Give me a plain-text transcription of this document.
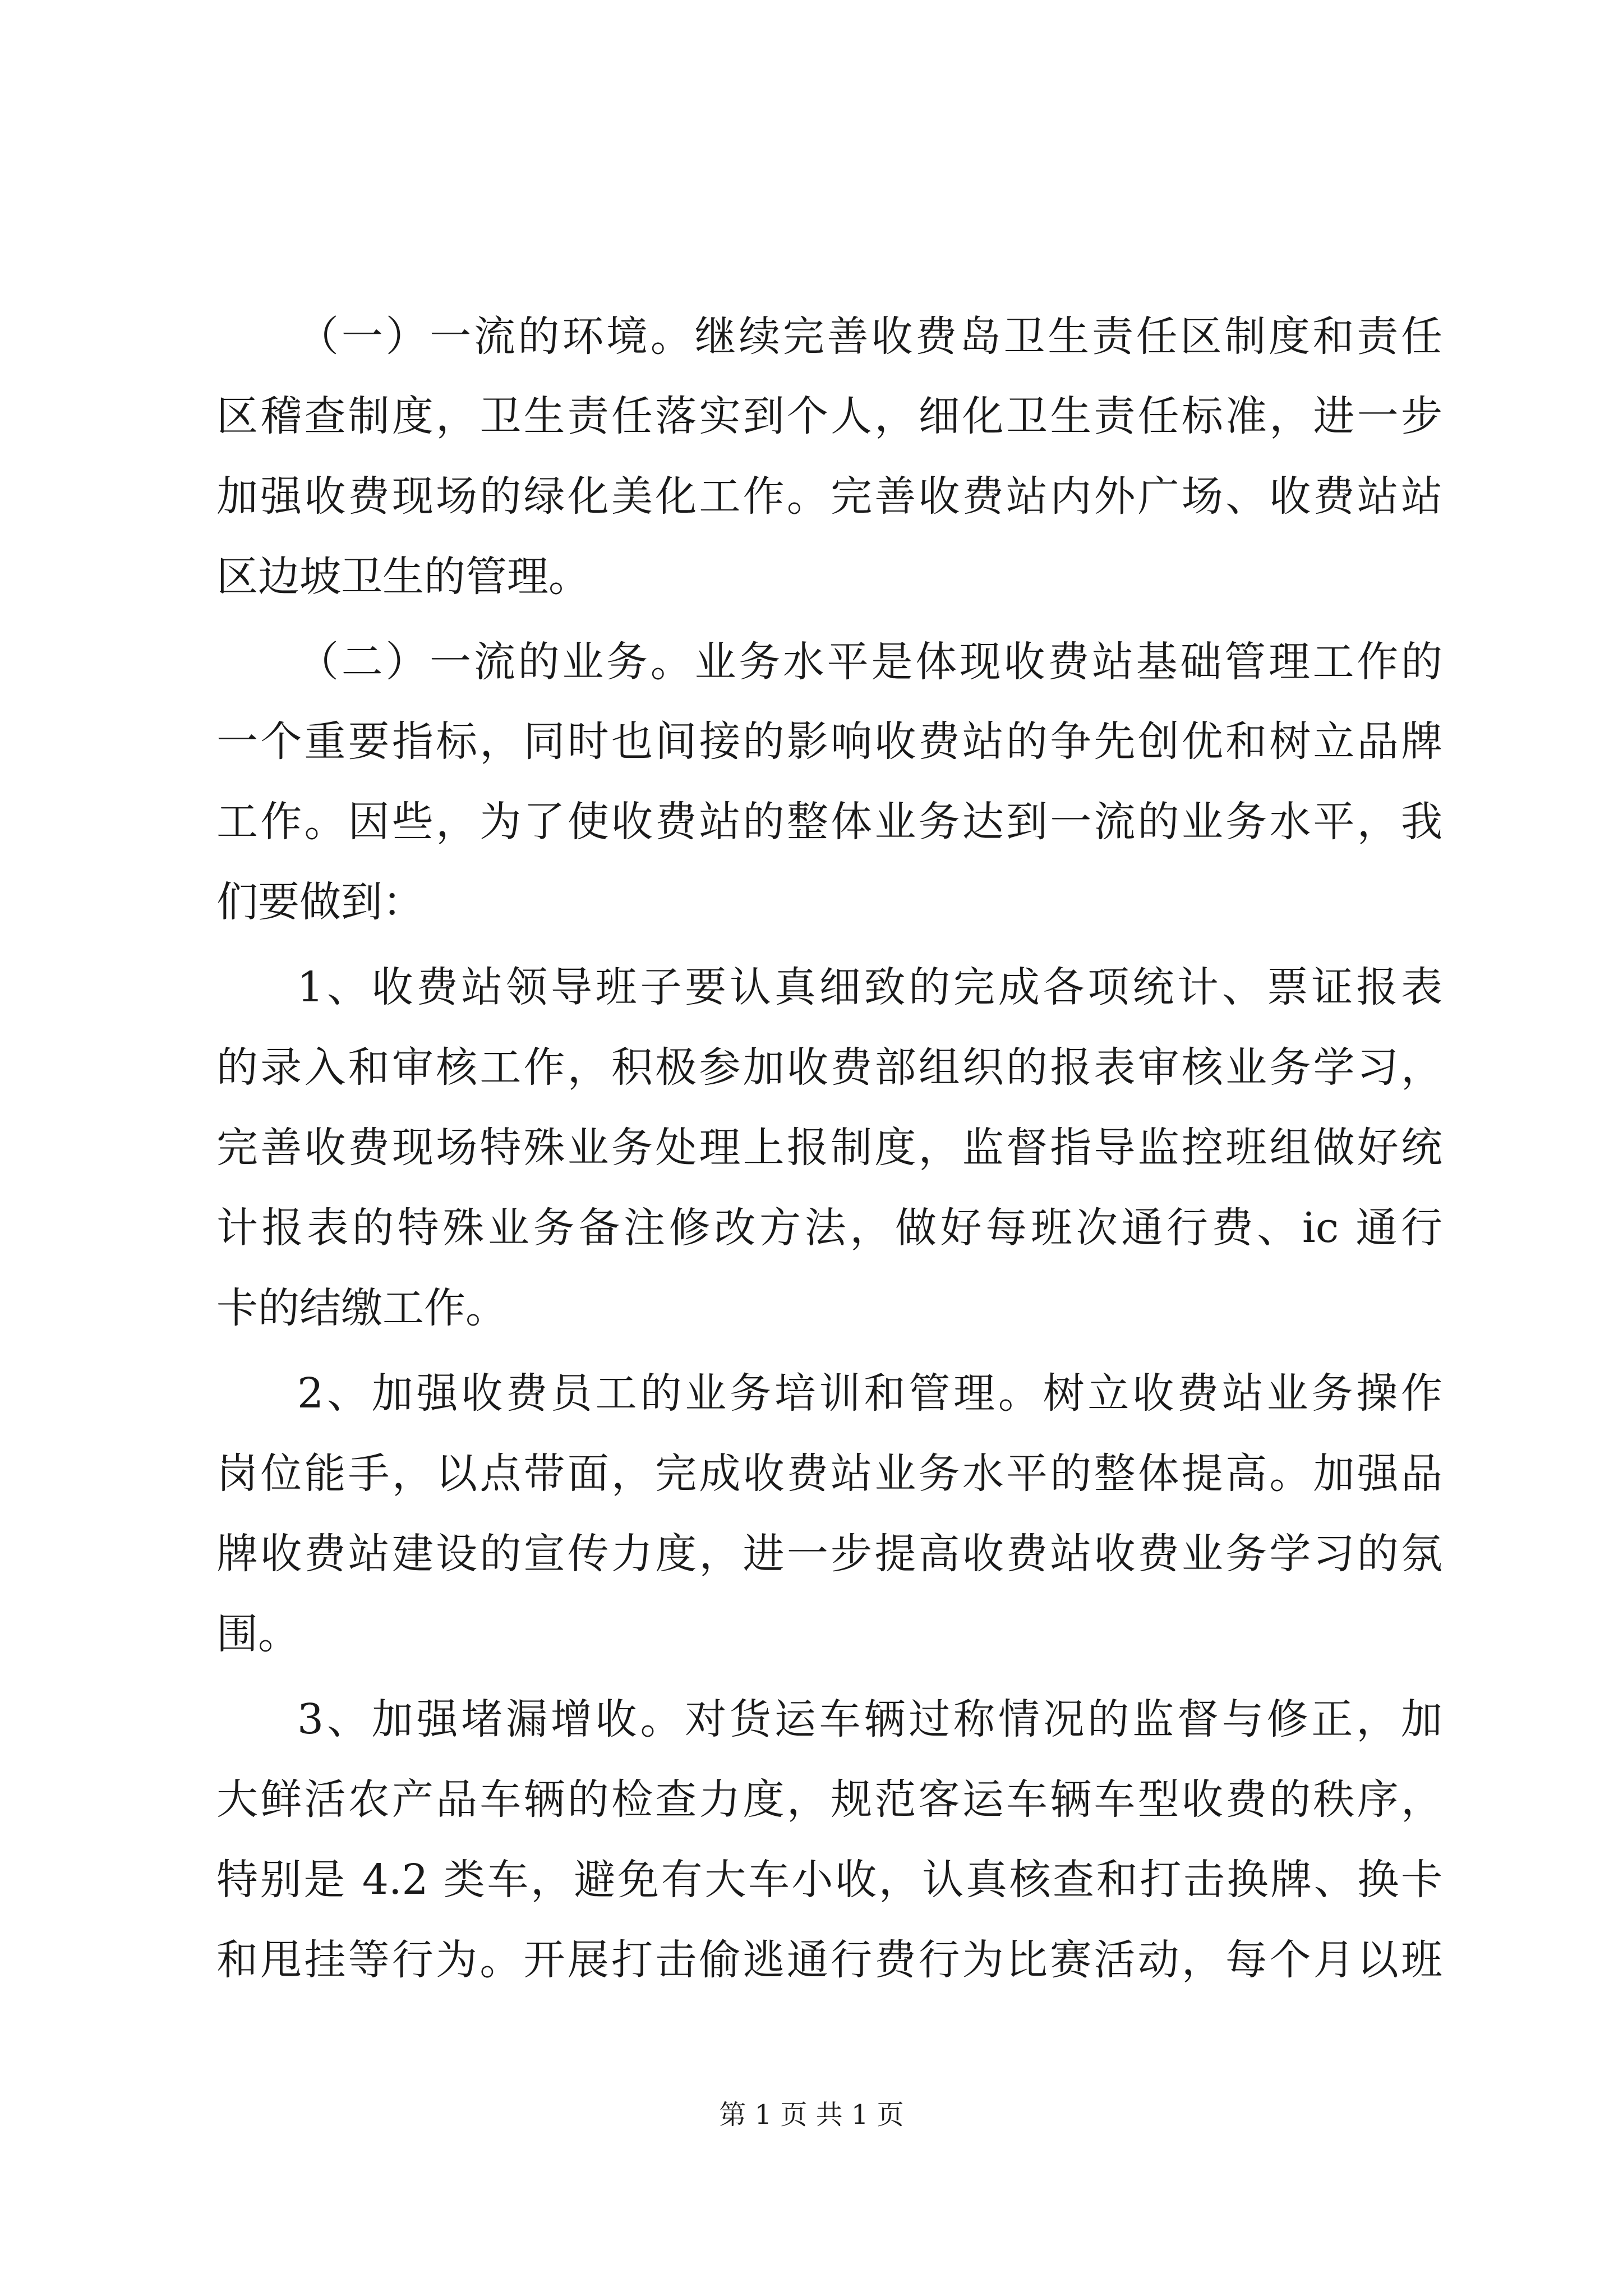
（一）一流的环境。继续完善收费岛卫生责任区制度和责任
区稽查制度，卫生责任落实到个人，细化卫生责任标准，进一步
加强收费现场的绿化美化工作。完善收费站内外广场、收费站站
区边坡卫生的管理。
（二）一流的业务。业务水平是体现收费站基础管理工作的
一个重要指标，同时也间接的影响收费站的争先创优和树立品牌
工作。因些，为了使收费站的整体业务达到一流的业务水平，我
们要做到：
1、收费站领导班子要认真细致的完成各项统计、票证报表
的录入和审核工作，积极参加收费部组织的报表审核业务学习，
完善收费现场特殊业务处理上报制度，监督指导监控班组做好统
计报表的特殊业务备注修改方法，做好每班次通行费、ic 通行
卡的结缴工作。
2、加强收费员工的业务培训和管理。树立收费站业务操作
岗位能手，以点带面，完成收费站业务水平的整体提高。加强品
牌收费站建设的宣传力度，进一步提高收费站收费业务学习的氛
围。
3、加强堵漏增收。对货运车辆过称情况的监督与修正，加
大鲜活农产品车辆的检查力度，规范客运车辆车型收费的秩序，
特别是 4.2 类车，避免有大车小收，认真核查和打击换牌、换卡
和甩挂等行为。开展打击偷逃通行费行为比赛活动，每个月以班
第 1 页 共 1 页
